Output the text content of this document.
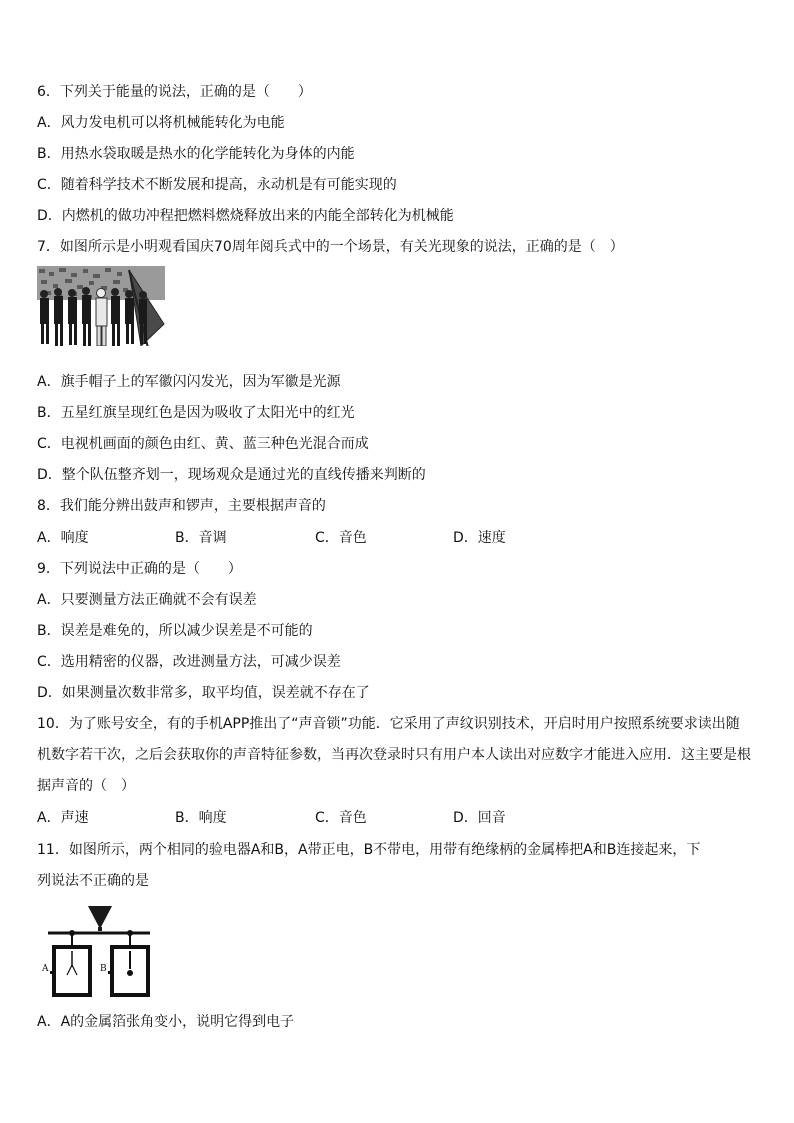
6．下列关于能量的说法，正确的是（　　）
A．风力发电机可以将机械能转化为电能
B．用热水袋取暖是热水的化学能转化为身体的内能
C．随着科学技术不断发展和提高，永动机是有可能实现的
D．内燃机的做功冲程把燃料燃烧释放出来的内能全部转化为机械能
7．如图所示是小明观看国庆70周年阅兵式中的一个场景，有关光现象的说法，正确的是（　）
A．旗手帽子上的军徽闪闪发光，因为军徽是光源
B．五星红旗呈现红色是因为吸收了太阳光中的红光
C．电视机画面的颜色由红、黄、蓝三种色光混合而成
D．整个队伍整齐划一，现场观众是通过光的直线传播来判断的
8．我们能分辨出鼓声和锣声，主要根据声音的
A．响度	B．音调	C．音色	D．速度
9．下列说法中正确的是（　　）
A．只要测量方法正确就不会有误差
B．误差是难免的，所以减少误差是不可能的
C．选用精密的仪器，改进测量方法，可减少误差
D．如果测量次数非常多，取平均值，误差就不存在了
10．为了账号安全，有的手机APP推出了“声音锁”功能．它采用了声纹识别技术，开启时用户按照系统要求读出随
机数字若干次，之后会获取你的声音特征参数，当再次登录时只有用户本人读出对应数字才能进入应用．这主要是根
据声音的（　）
A．声速	B．响度	C．音色	D．回音
11．如图所示，两个相同的验电器A和B，A带正电，B不带电，用带有绝缘柄的金属棒把A和B连接起来，下
列说法不正确的是
A	B
A．A的金属箔张角变小，说明它得到电子
